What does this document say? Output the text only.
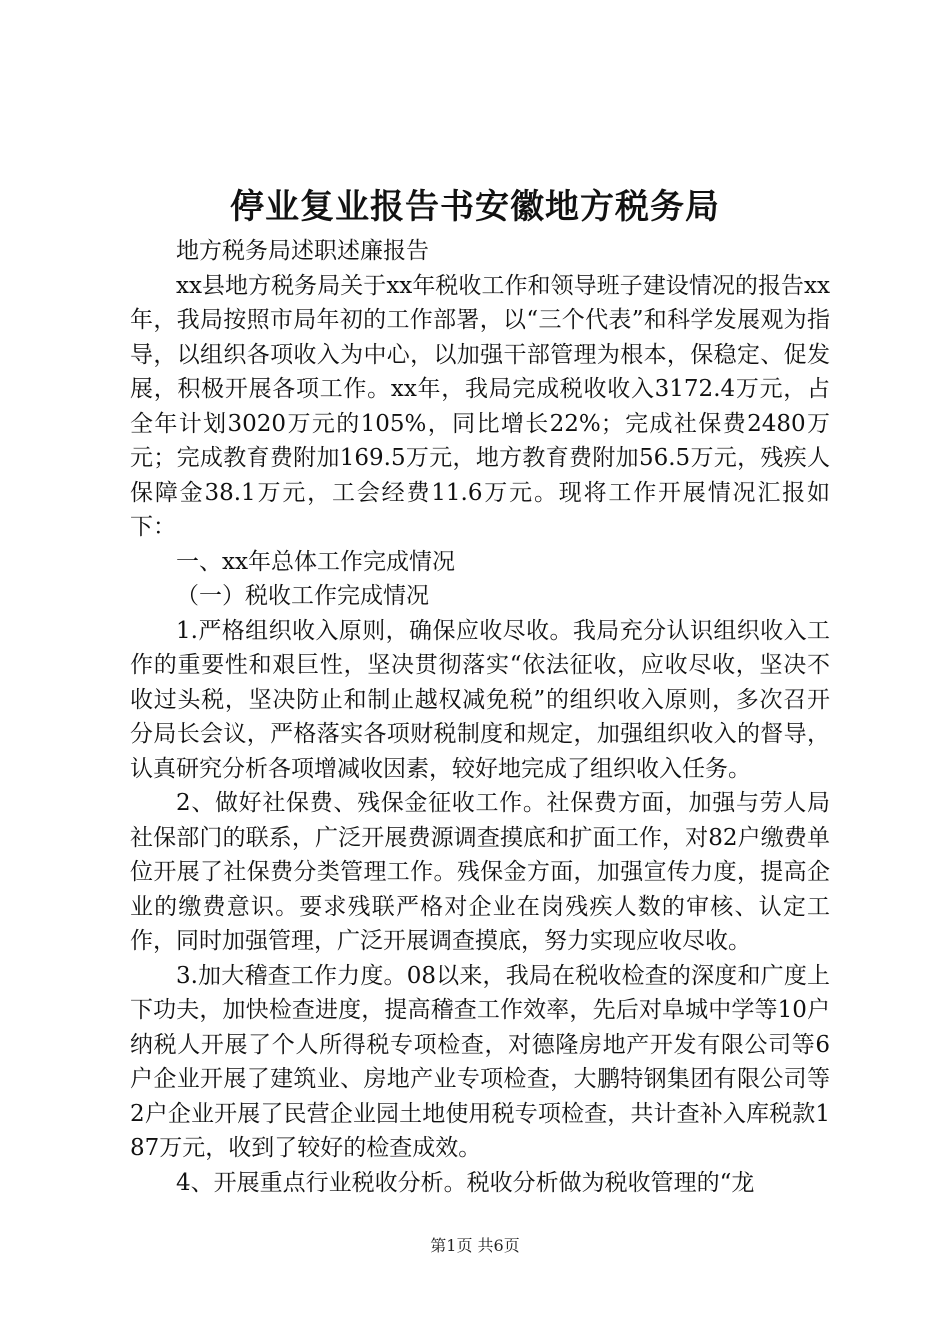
停业复业报告书安徽地方税务局

地方税务局述职述廉报告

xx县地方税务局关于xx年税收工作和领导班子建设情况的报告xx年，我局按照市局年初的工作部署，以“三个代表”和科学发展观为指导，以组织各项收入为中心，以加强干部管理为根本，保稳定、促发展，积极开展各项工作。xx年，我局完成税收收入3172.4万元，占全年计划3020万元的105%，同比增长22%；完成社保费2480万元；完成教育费附加169.5万元，地方教育费附加56.5万元，残疾人保障金38.1万元，工会经费11.6万元。现将工作开展情况汇报如下：

一、xx年总体工作完成情况

（一）税收工作完成情况

1.严格组织收入原则，确保应收尽收。我局充分认识组织收入工作的重要性和艰巨性，坚决贯彻落实“依法征收，应收尽收，坚决不收过头税，坚决防止和制止越权减免税”的组织收入原则，多次召开分局长会议，严格落实各项财税制度和规定，加强组织收入的督导，认真研究分析各项增减收因素，较好地完成了组织收入任务。

2、做好社保费、残保金征收工作。社保费方面，加强与劳人局社保部门的联系，广泛开展费源调查摸底和扩面工作，对82户缴费单位开展了社保费分类管理工作。残保金方面，加强宣传力度，提高企业的缴费意识。要求残联严格对企业在岗残疾人数的审核、认定工作，同时加强管理，广泛开展调查摸底，努力实现应收尽收。

3.加大稽查工作力度。08以来，我局在税收检查的深度和广度上下功夫，加快检查进度，提高稽查工作效率，先后对阜城中学等10户纳税人开展了个人所得税专项检查，对德隆房地产开发有限公司等6户企业开展了建筑业、房地产业专项检查，大鹏特钢集团有限公司等2户企业开展了民营企业园土地使用税专项检查，共计查补入库税款187万元，收到了较好的检查成效。

4、开展重点行业税收分析。税收分析做为税收管理的“龙

第1页 共6页
